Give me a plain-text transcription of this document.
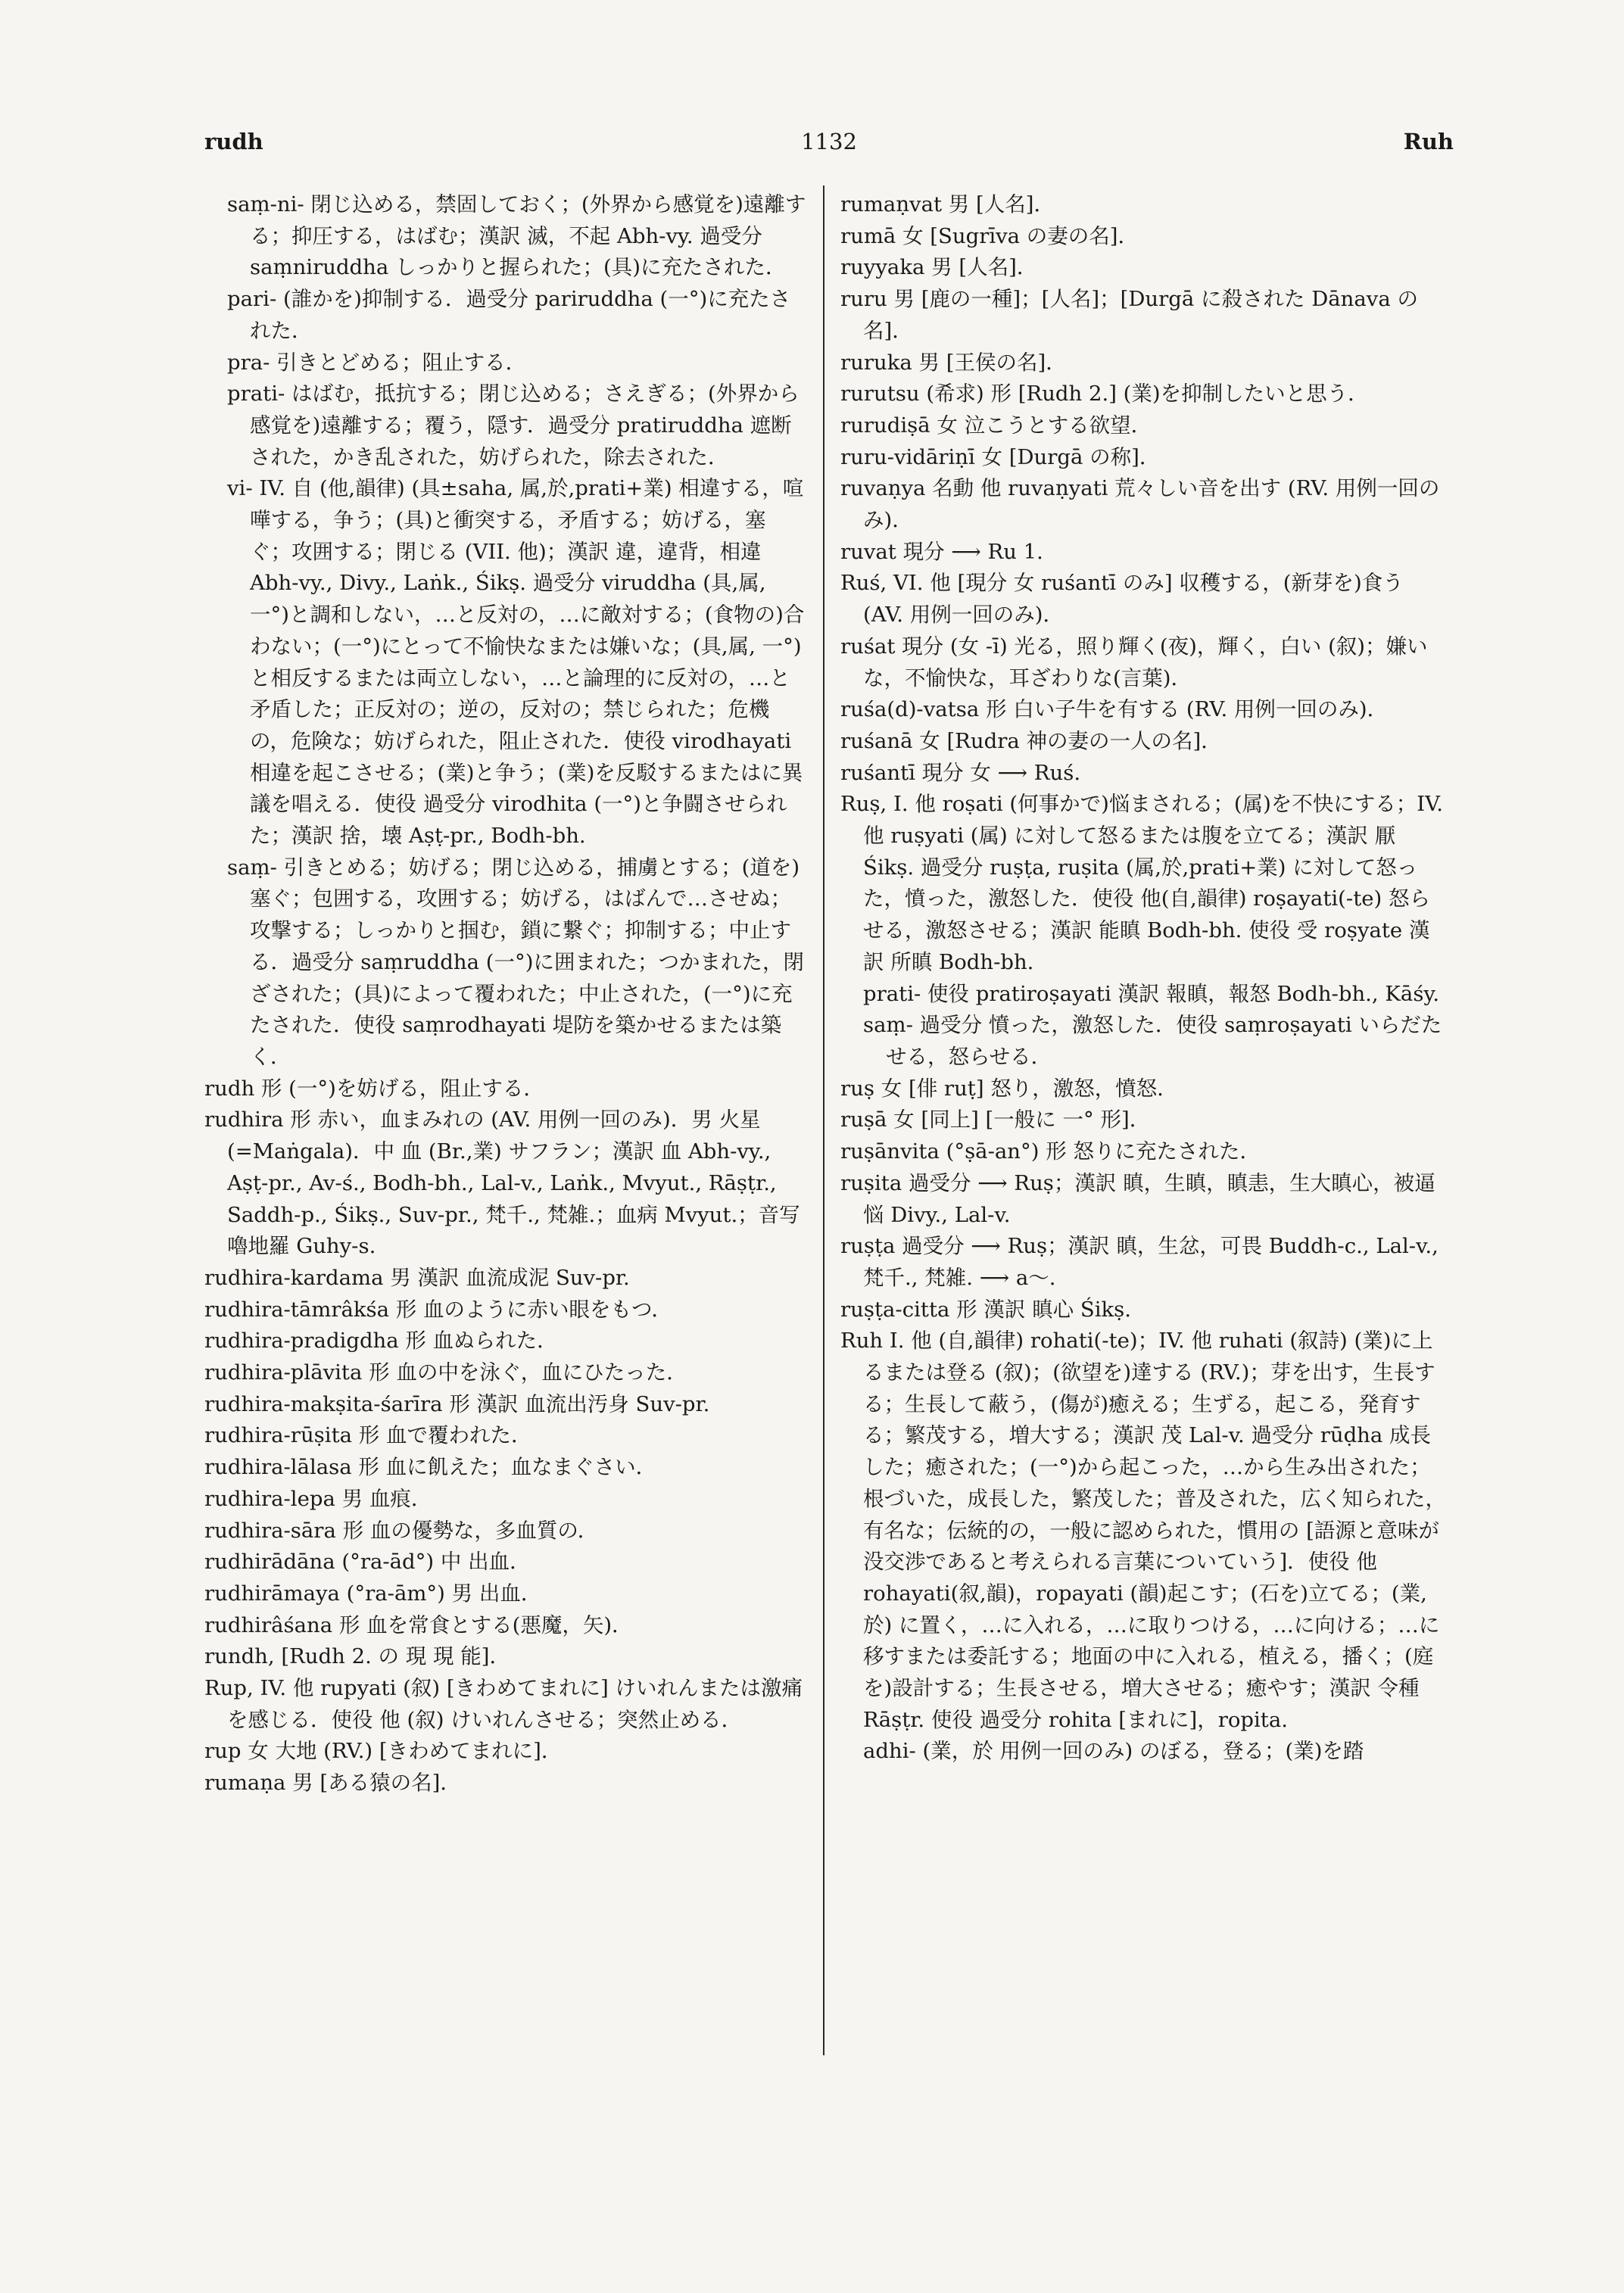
rudh	1132	Ruh

saṃ-ni- 閉じ込める，禁固しておく；(外界から感覚を)遠離する；抑圧する，はばむ；漢訳 滅，不起 Abh-vy. 過受分 saṃniruddha しっかりと握られた；(具)に充たされた．

pari- (誰かを)抑制する．過受分 pariruddha (一°)に充たされた．

pra- 引きとどめる；阻止する．

prati- はばむ，抵抗する；閉じ込める；さえぎる；(外界から感覚を)遠離する；覆う，隠す．過受分 pratiruddha 遮断された，かき乱された，妨げられた，除去された．

vi- IV. 自 (他,韻律) (具±saha, 属,於,prati+業) 相違する，喧嘩する，争う；(具)と衝突する，矛盾する；妨げる，塞ぐ；攻囲する；閉じる (VII. 他)；漢訳 違，違背，相違 Abh-vy., Divy., Laṅk., Śikṣ. 過受分 viruddha (具,属, 一°)と調和しない，…と反対の，…に敵対する；(食物の)合わない；(一°)にとって不愉快なまたは嫌いな；(具,属, 一°)と相反するまたは両立しない，…と論理的に反対の，…と矛盾した；正反対の；逆の，反対の；禁じられた；危機の，危険な；妨げられた，阻止された．使役 virodhayati 相違を起こさせる；(業)と争う；(業)を反駁するまたはに異議を唱える．使役 過受分 virodhita (一°)と争闘させられた；漢訳 捨，壊 Aṣṭ-pr., Bodh-bh.

saṃ- 引きとめる；妨げる；閉じ込める，捕虜とする；(道を)塞ぐ；包囲する，攻囲する；妨げる，はばんで…させぬ；攻撃する；しっかりと掴む，鎖に繋ぐ；抑制する；中止する．過受分 saṃruddha (一°)に囲まれた；つかまれた，閉ざされた；(具)によって覆われた；中止された，(一°)に充たされた．使役 saṃrodhayati 堤防を築かせるまたは築く．

rudh 形 (一°)を妨げる，阻止する．

rudhira 形 赤い，血まみれの (AV. 用例一回のみ)．男 火星 (=Maṅgala)．中 血 (Br.,業) サフラン；漢訳 血 Abh-vy., Aṣṭ-pr., Av-ś., Bodh-bh., Lal-v., Laṅk., Mvyut., Rāṣṭr., Saddh-p., Śikṣ., Suv-pr., 梵千., 梵雑.；血病 Mvyut.；音写 嚕地羅 Guhy-s.

rudhira-kardama 男 漢訳 血流成泥 Suv-pr.

rudhira-tāmrâkśa 形 血のように赤い眼をもつ．

rudhira-pradigdha 形 血ぬられた．

rudhira-plāvita 形 血の中を泳ぐ，血にひたった．

rudhira-makṣita-śarīra 形 漢訳 血流出汚身 Suv-pr.

rudhira-rūṣita 形 血で覆われた．

rudhira-lālasa 形 血に飢えた；血なまぐさい．

rudhira-lepa 男 血痕．

rudhira-sāra 形 血の優勢な，多血質の．

rudhirādāna (°ra-ād°) 中 出血．

rudhirāmaya (°ra-ām°) 男 出血．

rudhirâśana 形 血を常食とする(悪魔，矢)．

rundh, [Rudh 2. の 現 現 能]．

Rup, IV. 他 rupyati (叙) [きわめてまれに] けいれんまたは激痛を感じる．使役 他 (叙) けいれんさせる；突然止める．

rup 女 大地 (RV.) [きわめてまれに]．

rumaṇa 男 [ある猿の名]．

rumaṇvat 男 [人名]．

rumā 女 [Sugrīva の妻の名]．

ruyyaka 男 [人名]．

ruru 男 [鹿の一種]；[人名]；[Durgā に殺された Dānava の名]．

ruruka 男 [王侯の名]．

rurutsu (希求) 形 [Rudh 2.] (業)を抑制したいと思う．

rurudiṣā 女 泣こうとする欲望．

ruru-vidāriṇī 女 [Durgā の称]．

ruvaṇya 名動 他 ruvaṇyati 荒々しい音を出す (RV. 用例一回のみ)．

ruvat 現分 ⟶ Ru 1.

Ruś, VI. 他 [現分 女 ruśantī のみ] 収穫する，(新芽を)食う (AV. 用例一回のみ)．

ruśat 現分 (女 -ī) 光る，照り輝く(夜)，輝く，白い (叙)；嫌いな，不愉快な，耳ざわりな(言葉)．

ruśa(d)-vatsa 形 白い子牛を有する (RV. 用例一回のみ)．

ruśanā 女 [Rudra 神の妻の一人の名]．

ruśantī 現分 女 ⟶ Ruś.

Ruṣ, I. 他 roṣati (何事かで)悩まされる；(属)を不快にする；IV. 他 ruṣyati (属) に対して怒るまたは腹を立てる；漢訳 厭 Śikṣ. 過受分 ruṣṭa, ruṣita (属,於,prati+業) に対して怒った，憤った，激怒した．使役 他(自,韻律) roṣayati(-te) 怒らせる，激怒させる；漢訳 能瞋 Bodh-bh. 使役 受 roṣyate 漢訳 所瞋 Bodh-bh.

prati- 使役 pratiroṣayati 漢訳 報瞋，報怒 Bodh-bh., Kāśy.

saṃ- 過受分 憤った，激怒した．使役 saṃroṣayati いらだたせる，怒らせる．

ruṣ 女 [俳 ruṭ] 怒り，激怒，憤怒．

ruṣā 女 [同上] [一般に 一° 形]．

ruṣānvita (°ṣā-an°) 形 怒りに充たされた．

ruṣita 過受分 ⟶ Ruṣ；漢訳 瞋，生瞋，瞋恚，生大瞋心，被逼悩 Divy., Lal-v.

ruṣṭa 過受分 ⟶ Ruṣ；漢訳 瞋，生忿，可畏 Buddh-c., Lal-v., 梵千., 梵雑. ⟶ a〜.

ruṣṭa-citta 形 漢訳 瞋心 Śikṣ.

Ruh I. 他 (自,韻律) rohati(-te)；IV. 他 ruhati (叙詩) (業)に上るまたは登る (叙)；(欲望を)達する (RV.)；芽を出す，生長する；生長して蔽う，(傷が)癒える；生ずる，起こる，発育する；繁茂する，増大する；漢訳 茂 Lal-v. 過受分 rūḍha 成長した；癒された；(一°)から起こった，…から生み出された；根づいた，成長した，繁茂した；普及された，広く知られた，有名な；伝統的の，一般に認められた，慣用の [語源と意味が没交渉であると考えられる言葉についていう]．使役 他 rohayati(叙,韻)，ropayati (韻)起こす；(石を)立てる；(業,於) に置く，…に入れる，…に取りつける，…に向ける；…に移すまたは委託する；地面の中に入れる，植える，播く；(庭を)設計する；生長させる，増大させる；癒やす；漢訳 令種 Rāṣṭr. 使役 過受分 rohita [まれに]，ropita.

adhi- (業，於 用例一回のみ) のぼる，登る；(業)を踏
